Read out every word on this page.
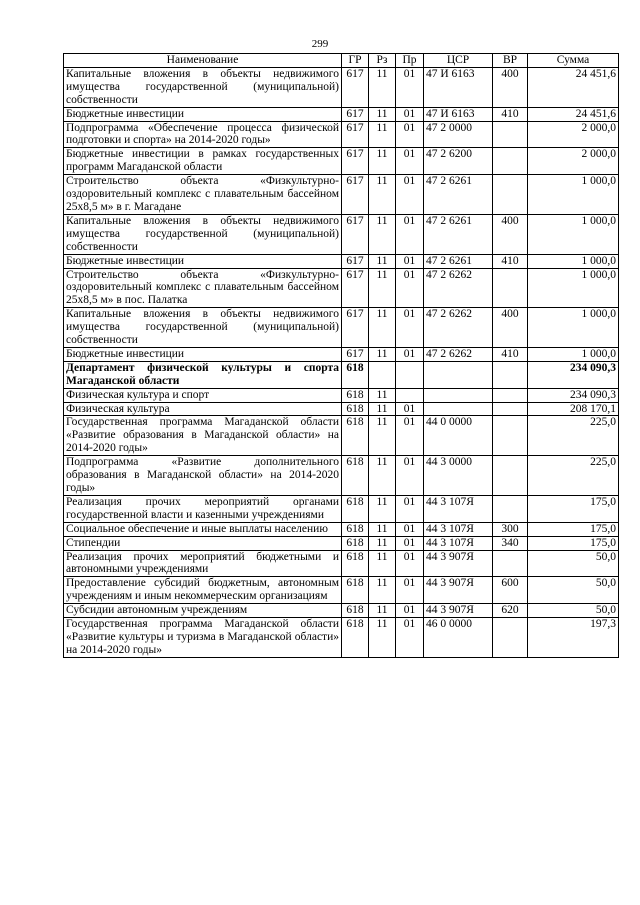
299
Наименование	ГР	Рз	Пр	ЦСР	ВР	Сумма
Капитальные вложения в объекты недвижимого имущества государственной (муниципальной) собственности	617	11	01	47 И 6163	400	24 451,6
Бюджетные инвестиции	617	11	01	47 И 6163	410	24 451,6
Подпрограмма «Обеспечение процесса физической подготовки и спорта» на 2014-2020 годы»	617	11	01	47 2 0000		2 000,0
Бюджетные инвестиции в рамках государственных программ Магаданской области	617	11	01	47 2 6200		2 000,0
Строительство объекта «Физкультурно-оздоровительный комплекс с плавательным бассейном 25х8,5 м» в г. Магадане	617	11	01	47 2 6261		1 000,0
Капитальные вложения в объекты недвижимого имущества государственной (муниципальной) собственности	617	11	01	47 2 6261	400	1 000,0
Бюджетные инвестиции	617	11	01	47 2 6261	410	1 000,0
Строительство объекта «Физкультурно-оздоровительный комплекс с плавательным бассейном 25х8,5 м» в пос. Палатка	617	11	01	47 2 6262		1 000,0
Капитальные вложения в объекты недвижимого имущества государственной (муниципальной) собственности	617	11	01	47 2 6262	400	1 000,0
Бюджетные инвестиции	617	11	01	47 2 6262	410	1 000,0
Департамент физической культуры и спорта Магаданской области	618					234 090,3
Физическая культура и спорт	618	11				234 090,3
Физическая культура	618	11	01			208 170,1
Государственная программа Магаданской области «Развитие образования в Магаданской области» на 2014-2020 годы»	618	11	01	44 0 0000		225,0
Подпрограмма «Развитие дополнительного образования в Магаданской области» на 2014-2020 годы»	618	11	01	44 3 0000		225,0
Реализация прочих мероприятий органами государственной власти и казенными учреждениями	618	11	01	44 3 107Я		175,0
Социальное обеспечение и иные выплаты населению	618	11	01	44 3 107Я	300	175,0
Стипендии	618	11	01	44 3 107Я	340	175,0
Реализация прочих мероприятий бюджетными и автономными учреждениями	618	11	01	44 3 907Я		50,0
Предоставление субсидий бюджетным, автономным учреждениям и иным некоммерческим организациям	618	11	01	44 3 907Я	600	50,0
Субсидии автономным учреждениям	618	11	01	44 3 907Я	620	50,0
Государственная программа Магаданской области «Развитие культуры и туризма в Магаданской области» на 2014-2020 годы»	618	11	01	46 0 0000		197,3
